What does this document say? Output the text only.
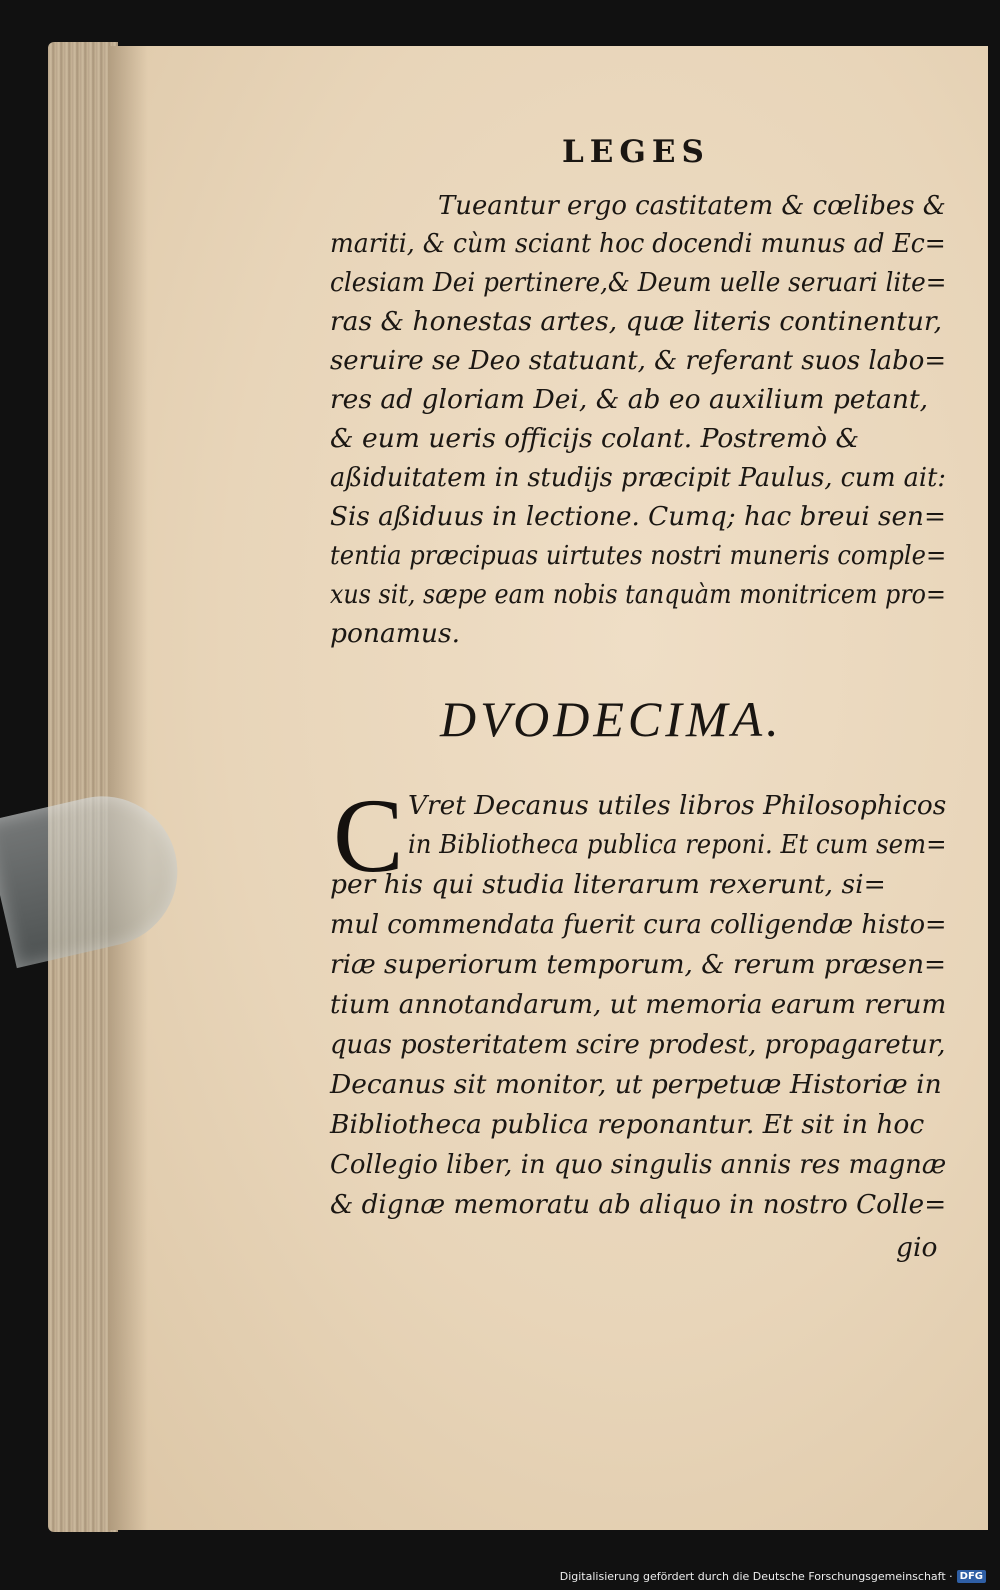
LEGES
Tueantur ergo castitatem & cœlibes &
mariti, & cùm sciant hoc docendi munus ad Ec=
clesiam Dei pertinere,& Deum uelle seruari lite=
ras & honestas artes, quæ literis continentur,
seruire se Deo statuant, & referant suos labo=
res ad gloriam Dei, & ab eo auxilium petant,
& eum ueris officijs colant. Postremò &
aßiduitatem in studijs præcipit Paulus, cum ait:
Sis aßiduus in lectione. Cumq; hac breui sen=
tentia præcipuas uirtutes nostri muneris comple=
xus sit, sæpe eam nobis tanquàm monitricem pro=
ponamus.
DVODECIMA.
C Vret Decanus utiles libros Philosophicos
in Bibliotheca publica reponi. Et cum sem=
per his qui studia literarum rexerunt, si=
mul commendata fuerit cura colligendæ histo=
riæ superiorum temporum, & rerum præsen=
tium annotandarum, ut memoria earum rerum
quas posteritatem scire prodest, propagaretur,
Decanus sit monitor, ut perpetuæ Historiæ in
Bibliotheca publica reponantur. Et sit in hoc
Collegio liber, in quo singulis annis res magnæ
& dignæ memoratu ab aliquo in nostro Colle=
gio
Digitalisierung gefördert durch die Deutsche Forschungsgemeinschaft · DFG
